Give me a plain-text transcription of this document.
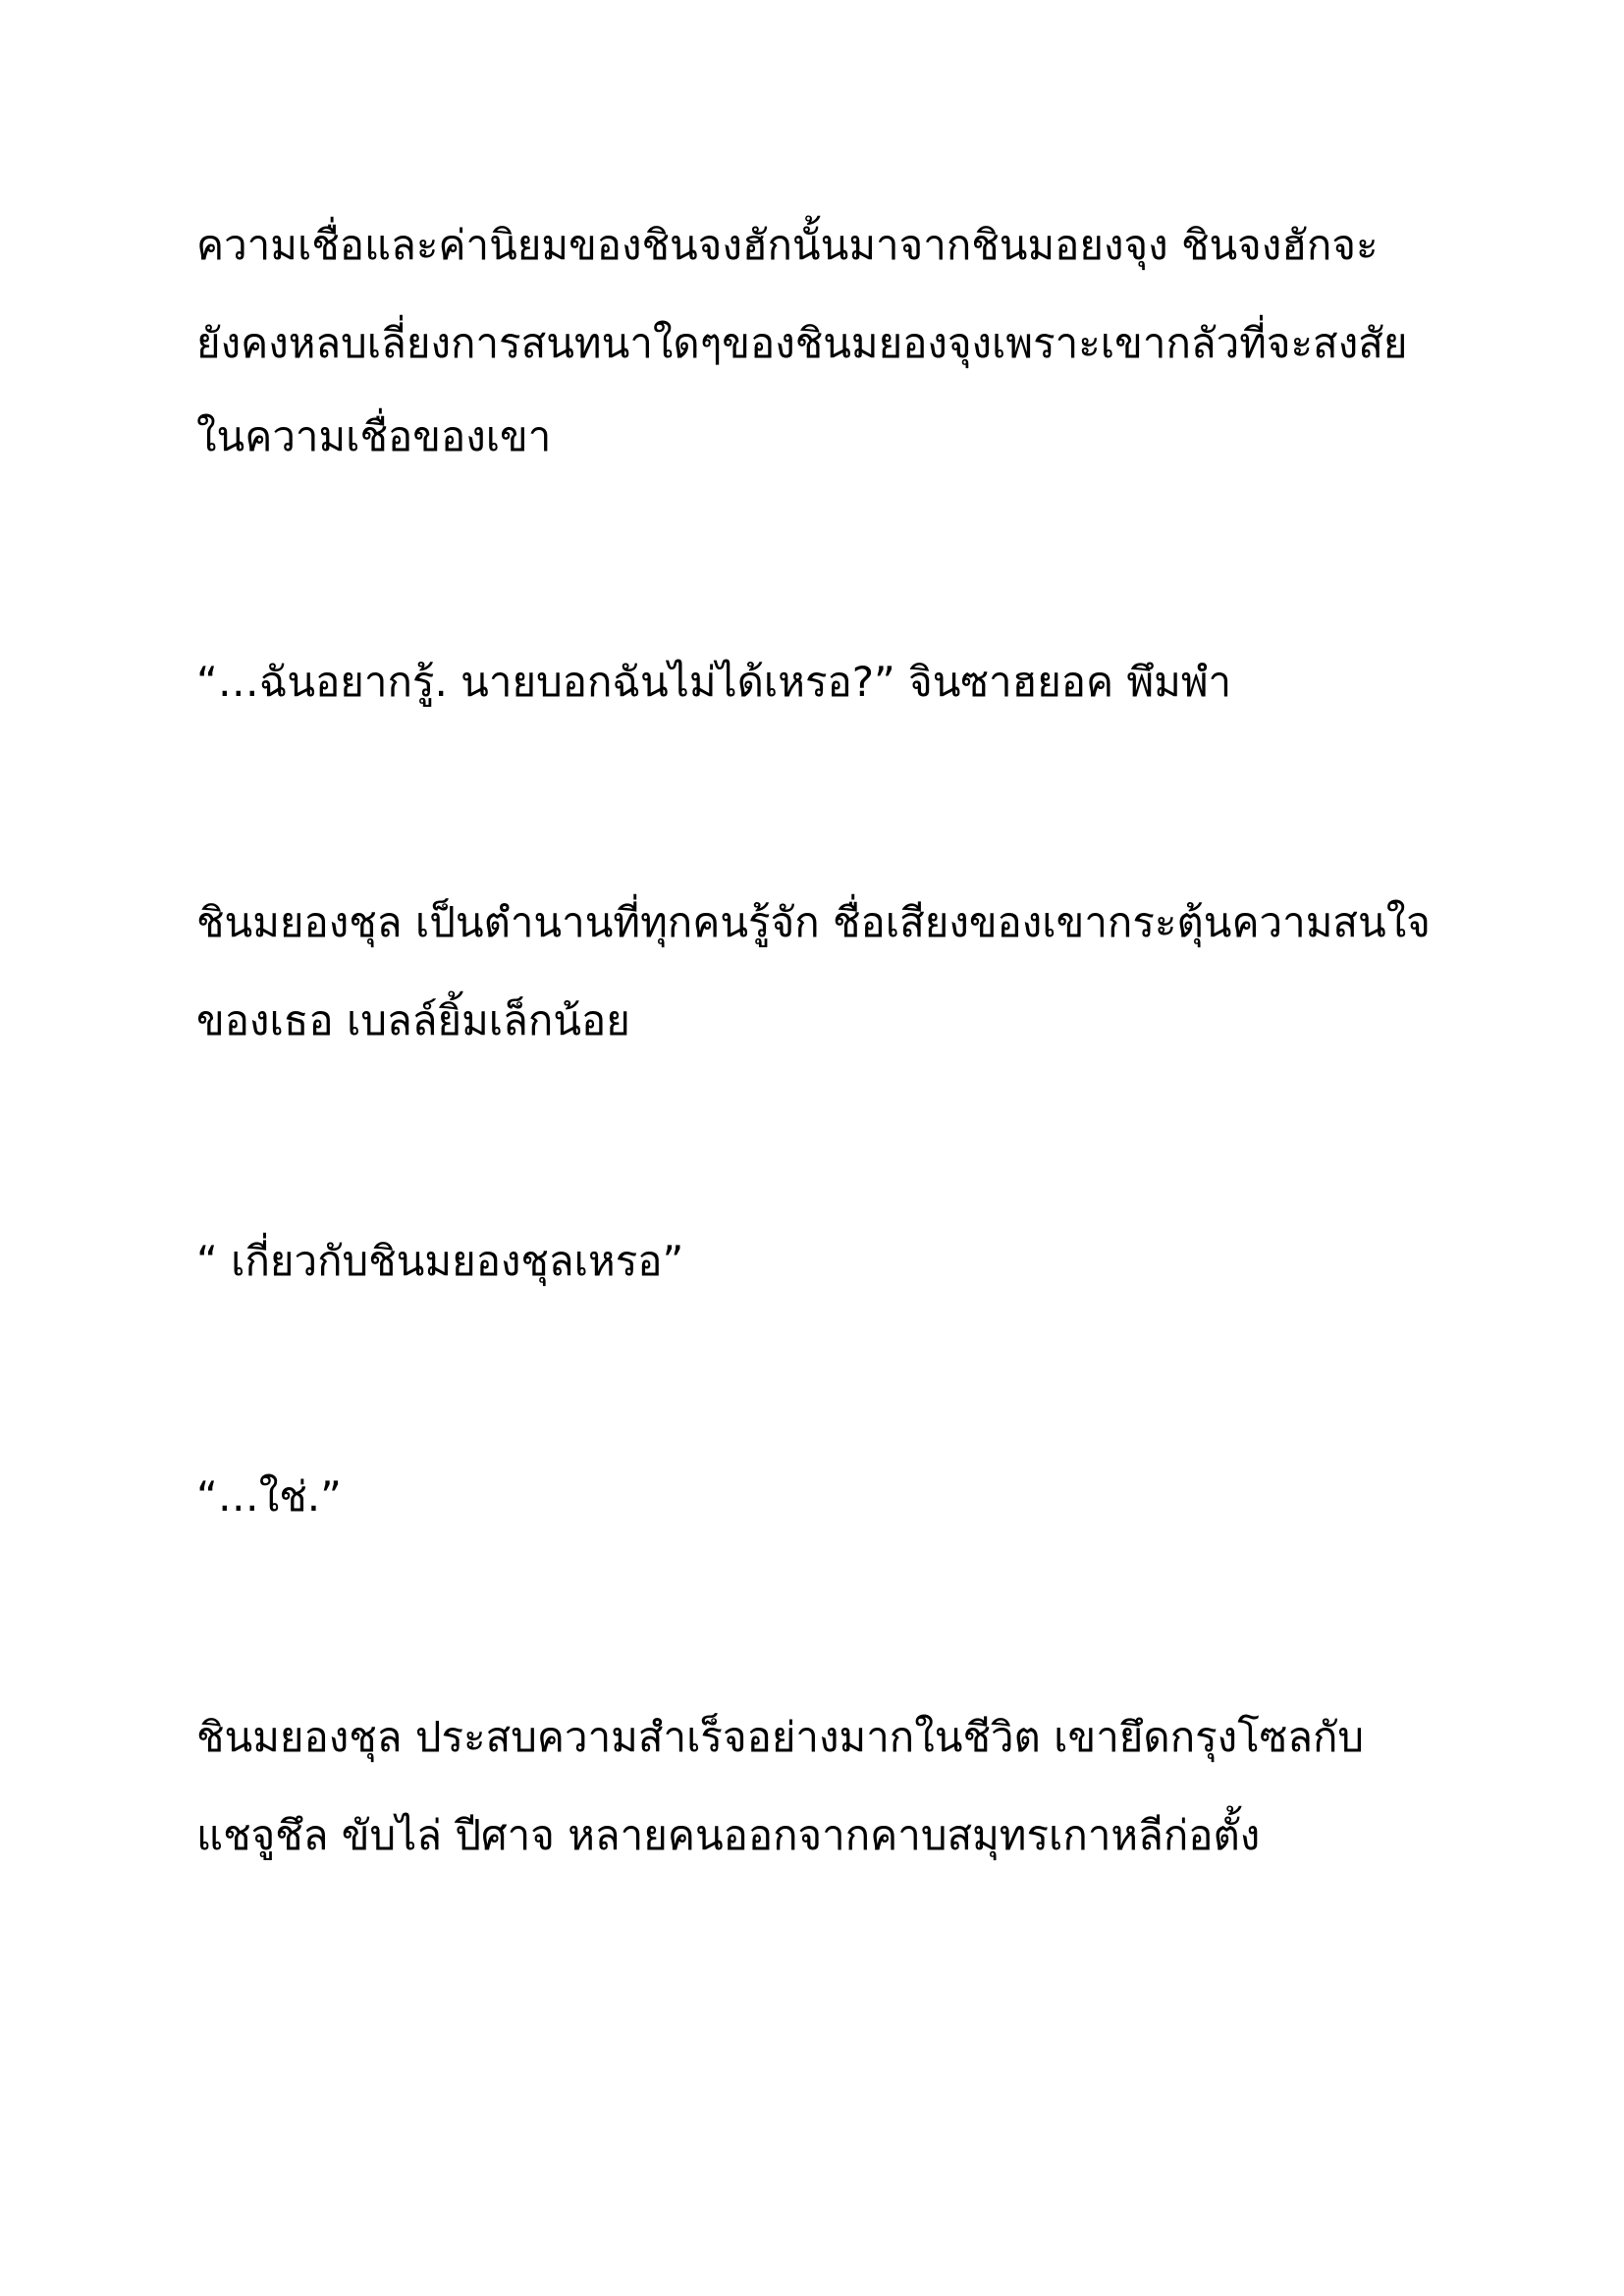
ความเชื่อและค่านิยมของชินจงฮักนั้นมาจากชินมอยงจุง ชินจงฮักจะ
ยังคงหลบเลี่ยงการสนทนาใดๆของชินมยองจุงเพราะเขากลัวที่จะสงสัย
ในความเชื่อของเขา
“…ฉันอยากรู้. นายบอกฉันไม่ได้เหรอ?” จินซาฮยอค พึมพำ
ชินมยองชุล เป็นตำนานที่ทุกคนรู้จัก ชื่อเสียงของเขากระตุ้นความสนใจ
ของเธอ เบลล์ยิ้มเล็กน้อย
“ เกี่ยวกับชินมยองชุลเหรอ”
“…ใช่.”
ชินมยองชุล ประสบความสำเร็จอย่างมากในชีวิต เขายึดกรุงโซลกับ
แชจูชึล ขับไล่ ปีศาจ หลายคนออกจากคาบสมุทรเกาหลีก่อตั้ง
